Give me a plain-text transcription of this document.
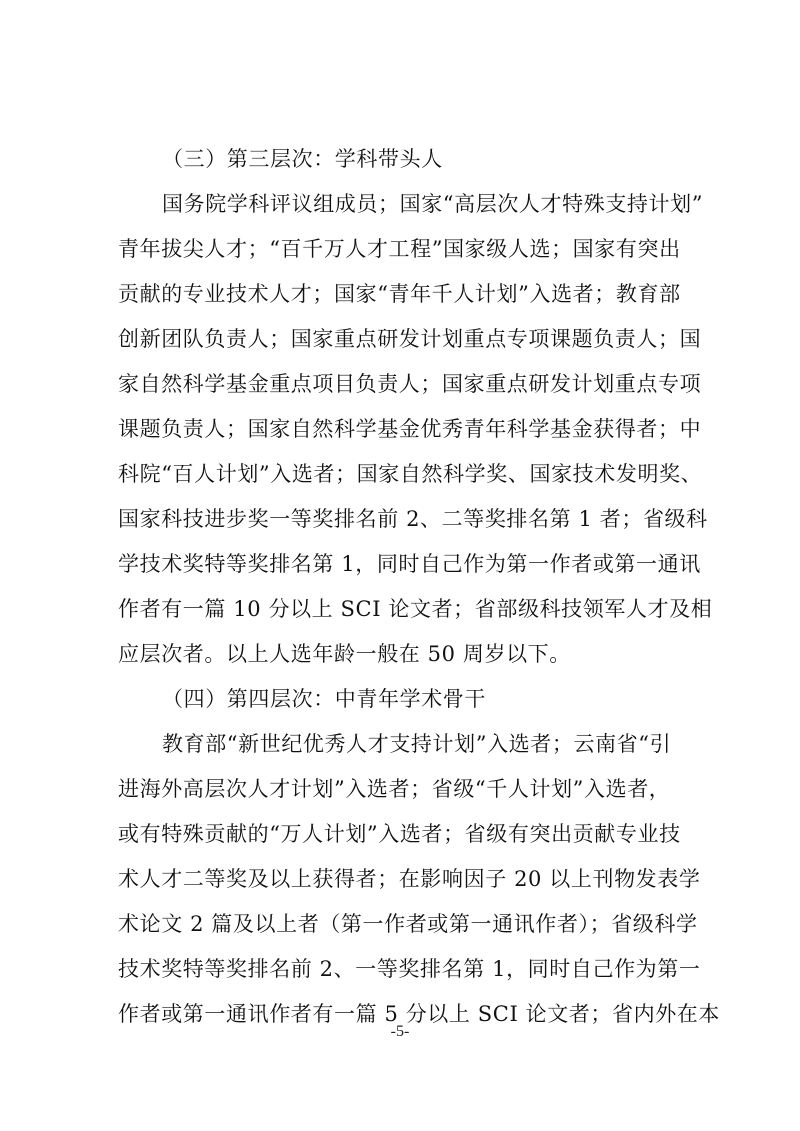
（三）第三层次：学科带头人
国务院学科评议组成员；国家“高层次人才特殊支持计划”
青年拔尖人才；“百千万人才工程”国家级人选；国家有突出
贡献的专业技术人才；国家“青年千人计划”入选者；教育部
创新团队负责人；国家重点研发计划重点专项课题负责人；国
家自然科学基金重点项目负责人；国家重点研发计划重点专项
课题负责人；国家自然科学基金优秀青年科学基金获得者；中
科院“百人计划”入选者；国家自然科学奖、国家技术发明奖、
国家科技进步奖一等奖排名前 2、二等奖排名第 1 者；省级科
学技术奖特等奖排名第 1，同时自己作为第一作者或第一通讯
作者有一篇 10 分以上 SCI 论文者；省部级科技领军人才及相
应层次者。以上人选年龄一般在 50 周岁以下。
（四）第四层次：中青年学术骨干
教育部“新世纪优秀人才支持计划”入选者；云南省“引
进海外高层次人才计划”入选者；省级“千人计划”入选者，
或有特殊贡献的“万人计划”入选者；省级有突出贡献专业技
术人才二等奖及以上获得者；在影响因子 20 以上刊物发表学
术论文 2 篇及以上者（第一作者或第一通讯作者）；省级科学
技术奖特等奖排名前 2、一等奖排名第 1，同时自己作为第一
作者或第一通讯作者有一篇 5 分以上 SCI 论文者；省内外在本
-5-
